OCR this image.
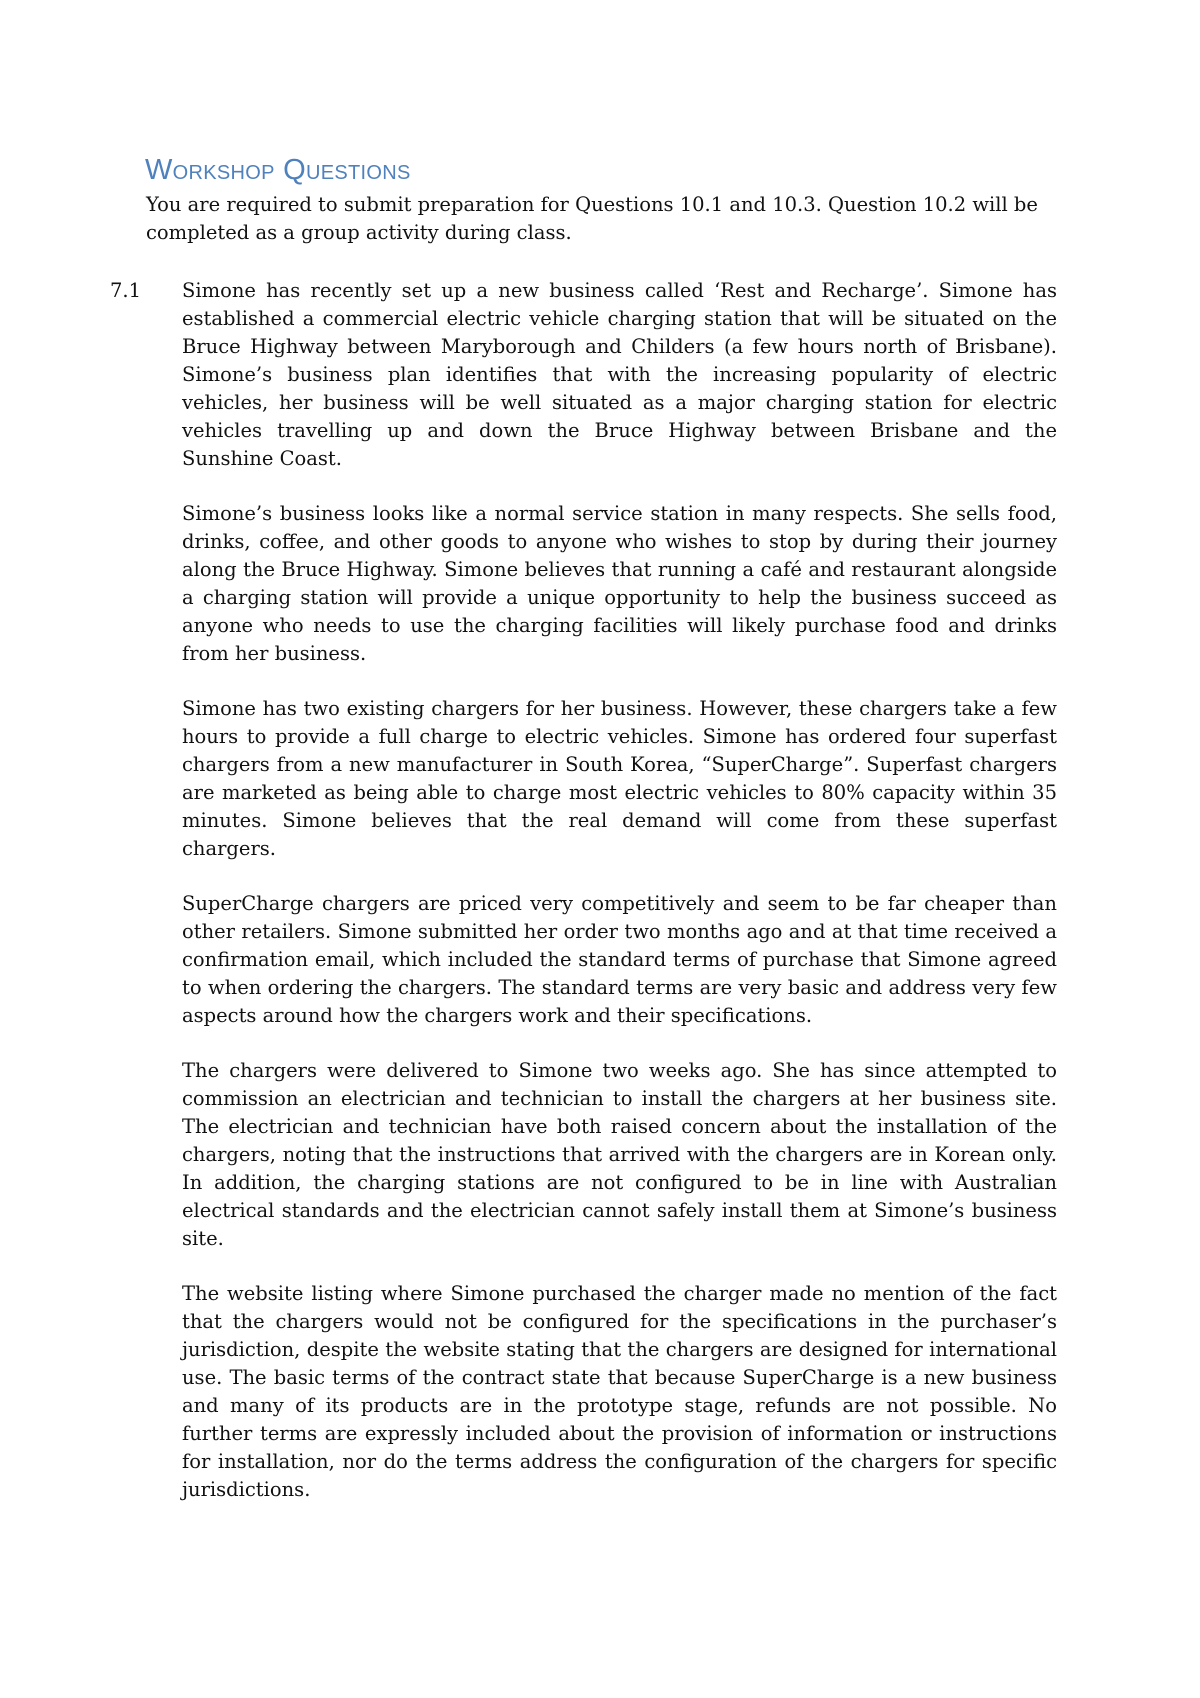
Workshop Questions

You are required to submit preparation for Questions 10.1 and 10.3. Question 10.2 will be completed as a group activity during class.

7.1 Simone has recently set up a new business called ‘Rest and Recharge’. Simone has established a commercial electric vehicle charging station that will be situated on the Bruce Highway between Maryborough and Childers (a few hours north of Brisbane). Simone’s business plan identifies that with the increasing popularity of electric vehicles, her business will be well situated as a major charging station for electric vehicles travelling up and down the Bruce Highway between Brisbane and the Sunshine Coast.

Simone’s business looks like a normal service station in many respects. She sells food, drinks, coffee, and other goods to anyone who wishes to stop by during their journey along the Bruce Highway. Simone believes that running a café and restaurant alongside a charging station will provide a unique opportunity to help the business succeed as anyone who needs to use the charging facilities will likely purchase food and drinks from her business.

Simone has two existing chargers for her business. However, these chargers take a few hours to provide a full charge to electric vehicles. Simone has ordered four superfast chargers from a new manufacturer in South Korea, “SuperCharge”. Superfast chargers are marketed as being able to charge most electric vehicles to 80% capacity within 35 minutes. Simone believes that the real demand will come from these superfast chargers.

SuperCharge chargers are priced very competitively and seem to be far cheaper than other retailers. Simone submitted her order two months ago and at that time received a confirmation email, which included the standard terms of purchase that Simone agreed to when ordering the chargers. The standard terms are very basic and address very few aspects around how the chargers work and their specifications.

The chargers were delivered to Simone two weeks ago. She has since attempted to commission an electrician and technician to install the chargers at her business site. The electrician and technician have both raised concern about the installation of the chargers, noting that the instructions that arrived with the chargers are in Korean only. In addition, the charging stations are not configured to be in line with Australian electrical standards and the electrician cannot safely install them at Simone’s business site.

The website listing where Simone purchased the charger made no mention of the fact that the chargers would not be configured for the specifications in the purchaser’s jurisdiction, despite the website stating that the chargers are designed for international use. The basic terms of the contract state that because SuperCharge is a new business and many of its products are in the prototype stage, refunds are not possible. No further terms are expressly included about the provision of information or instructions for installation, nor do the terms address the configuration of the chargers for specific jurisdictions.
